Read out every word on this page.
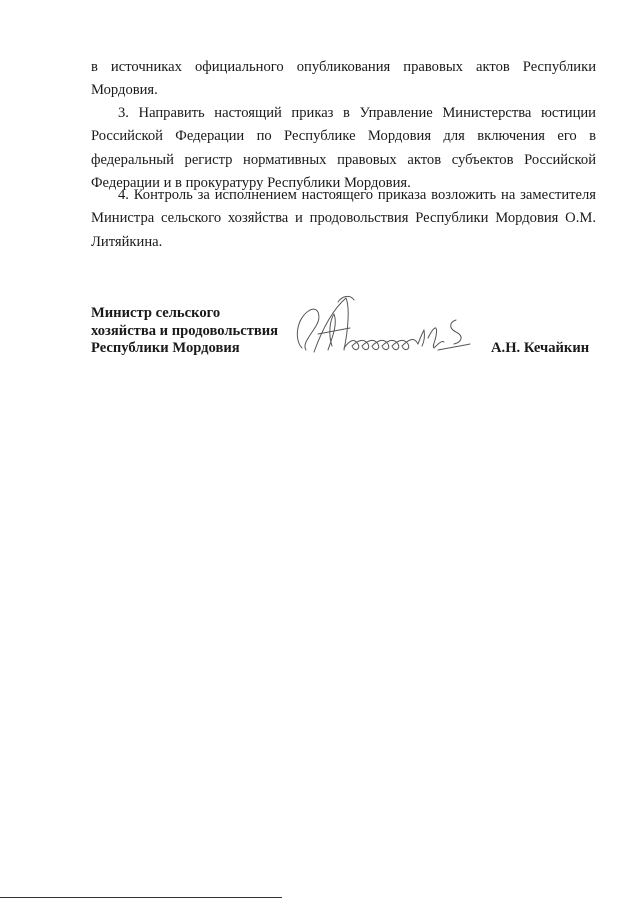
в источниках официального опубликования правовых актов Республики Мордовия.

3. Направить настоящий приказ в Управление Министерства юстиции Российской Федерации по Республике Мордовия для включения его в федеральный регистр нормативных правовых актов субъектов Российской Федерации и в прокуратуру Республики Мордовия.

4. Контроль за исполнением настоящего приказа возложить на заместителя Министра сельского хозяйства и продовольствия Республики Мордовия О.М. Литяйкина.

Министр сельского
хозяйства и продовольствия
Республики Мордовия	А.Н. Кечайкин
